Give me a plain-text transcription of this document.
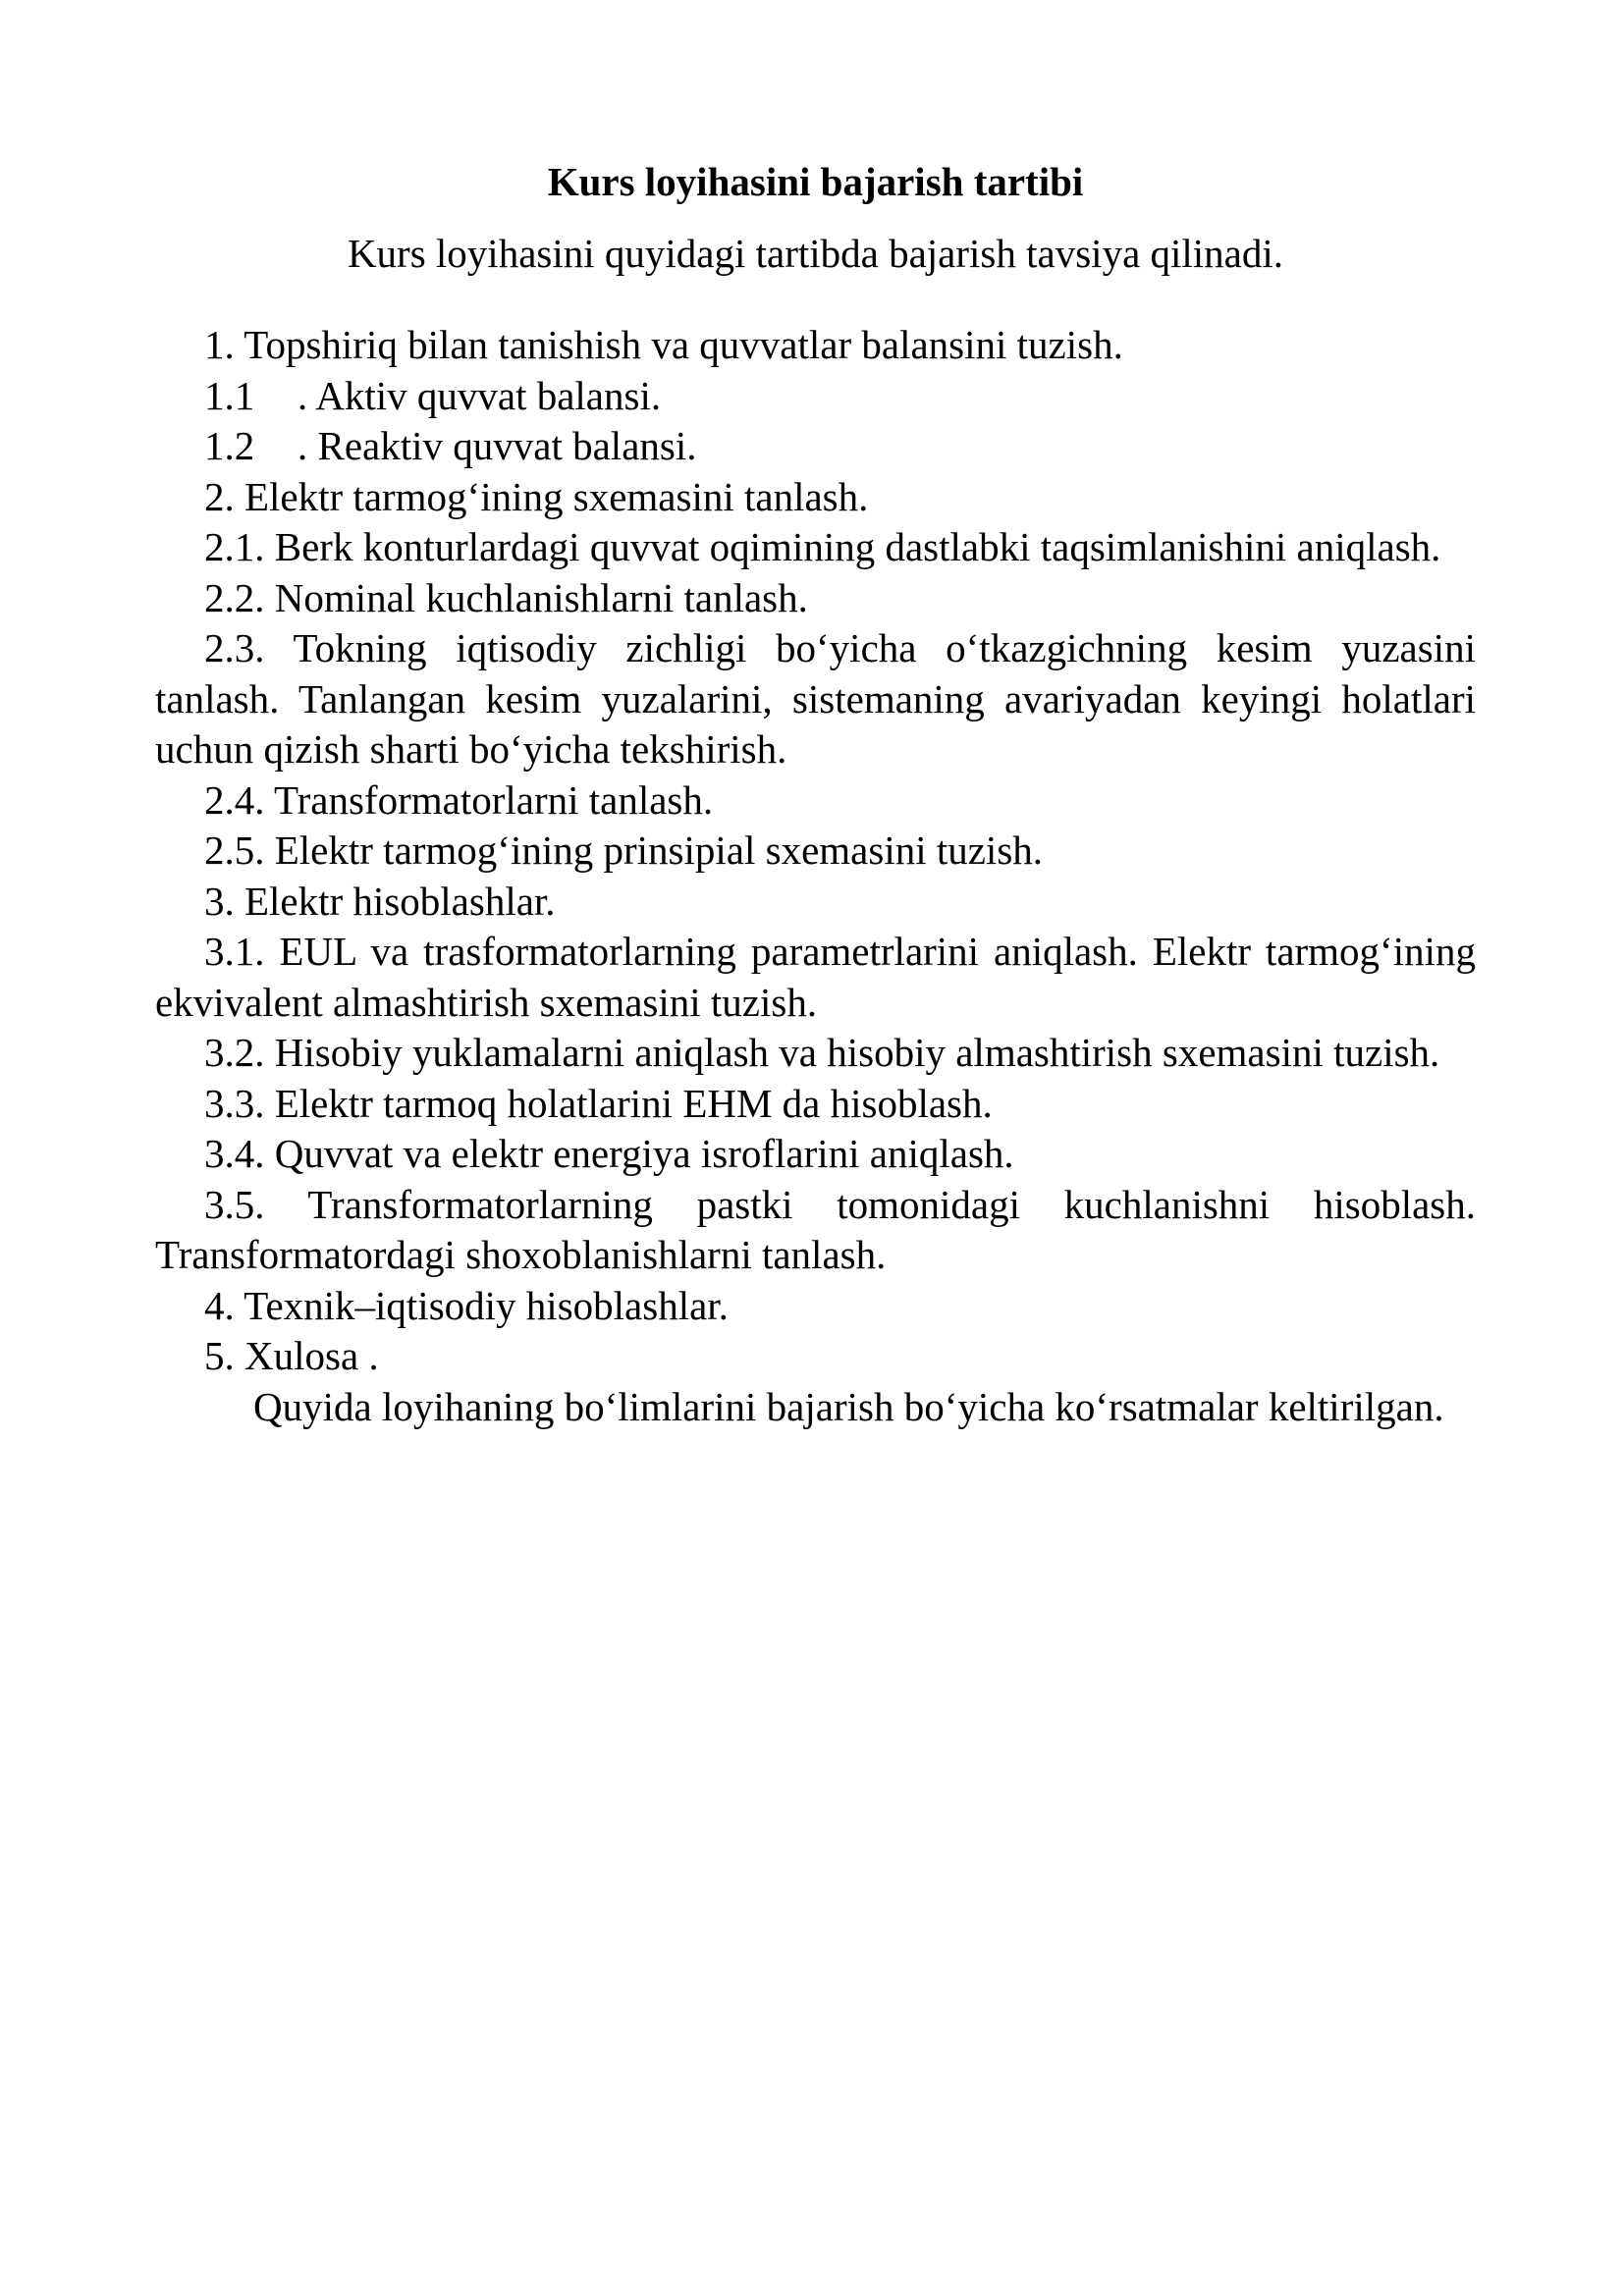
Kurs loyihasini bajarish tartibi

Kurs loyihasini quyidagi tartibda bajarish tavsiya qilinadi.

1. Topshiriq bilan tanishish va quvvatlar balansini tuzish.

1.1 . Aktiv quvvat balansi.

1.2 . Reaktiv quvvat balansi.

2. Elektr tarmog‘ining sxemasini tanlash.

2.1. Berk konturlardagi quvvat oqimining dastlabki taqsimlanishini aniqlash.

2.2. Nominal kuchlanishlarni tanlash.

2.3. Tokning iqtisodiy zichligi bo‘yicha o‘tkazgichning kesim yuzasini tanlash. Tanlangan kesim yuzalarini, sistemaning avariyadan keyingi holatlari uchun qizish sharti bo‘yicha tekshirish.

2.4. Transformatorlarni tanlash.

2.5. Elektr tarmog‘ining prinsipial sxemasini tuzish.

3. Elektr hisoblashlar.

3.1. EUL va trasformatorlarning parametrlarini aniqlash. Elektr tarmog‘ining ekvivalent almashtirish sxemasini tuzish.

3.2. Hisobiy yuklamalarni aniqlash va hisobiy almashtirish sxemasini tuzish.

3.3. Elektr tarmoq holatlarini EHM da hisoblash.

3.4. Quvvat va elektr energiya isroflarini aniqlash.

3.5. Transformatorlarning pastki tomonidagi kuchlanishni hisoblash. Transformatordagi shoxoblanishlarni tanlash.

4. Texnik–iqtisodiy hisoblashlar.

5. Xulosa .

Quyida loyihaning bo‘limlarini bajarish bo‘yicha ko‘rsatmalar keltirilgan.
